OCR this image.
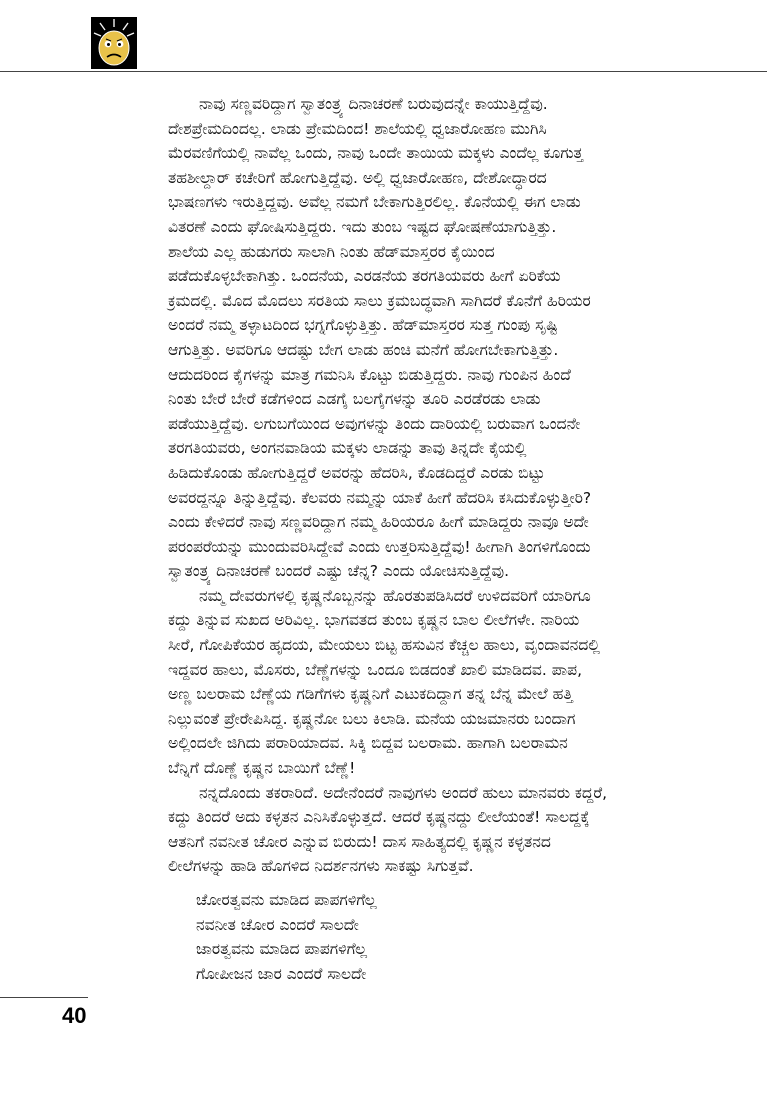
  ನಾವು ಸಣ್ಣವರಿದ್ದಾಗ ಸ್ವಾತಂತ್ರ್ಯ ದಿನಾಚರಣೆ ಬರುವುದನ್ನೇ ಕಾಯುತ್ತಿದ್ದೆವು.
ದೇಶಪ್ರೇಮದಿಂದಲ್ಲ. ಲಾಡು ಪ್ರೇಮದಿಂದ! ಶಾಲೆಯಲ್ಲಿ ಧ್ವಜಾರೋಹಣ ಮುಗಿಸಿ
ಮೆರವಣಿಗೆಯಲ್ಲಿ ನಾವೆಲ್ಲ ಒಂದು, ನಾವು ಒಂದೇ ತಾಯಿಯ ಮಕ್ಕಳು ಎಂದೆಲ್ಲ ಕೂಗುತ್ತ
ತಹಶೀಲ್ದಾರ್ ಕಚೇರಿಗೆ ಹೋಗುತ್ತಿದ್ದೆವು. ಅಲ್ಲಿ ಧ್ವಜಾರೋಹಣ, ದೇಶೋದ್ಧಾರದ
ಭಾಷಣಗಳು ಇರುತ್ತಿದ್ದವು. ಅವೆಲ್ಲ ನಮಗೆ ಬೇಕಾಗುತ್ತಿರಲಿಲ್ಲ. ಕೊನೆಯಲ್ಲಿ ಈಗ ಲಾಡು
ವಿತರಣೆ ಎಂದು ಘೋಷಿಸುತ್ತಿದ್ದರು. ಇದು ತುಂಬ ಇಷ್ಟದ ಘೋಷಣೆಯಾಗುತ್ತಿತ್ತು.
ಶಾಲೆಯ ಎಲ್ಲ ಹುಡುಗರು ಸಾಲಾಗಿ ನಿಂತು ಹೆಡ್‌ಮಾಸ್ತರರ ಕೈಯಿಂದ
ಪಡೆದುಕೊಳ್ಳಬೇಕಾಗಿತ್ತು. ಒಂದನೆಯ, ಎರಡನೆಯ ತರಗತಿಯವರು ಹೀಗೆ ಏರಿಕೆಯ
ಕ್ರಮದಲ್ಲಿ. ಮೊದ ಮೊದಲು ಸರತಿಯ ಸಾಲು ಕ್ರಮಬದ್ಧವಾಗಿ ಸಾಗಿದರೆ ಕೊನೆಗೆ ಹಿರಿಯರ
ಅಂದರೆ ನಮ್ಮ ತಳ್ಳಾಟದಿಂದ ಭಗ್ನಗೊಳ್ಳುತ್ತಿತ್ತು. ಹೆಡ್‌ಮಾಸ್ತರರ ಸುತ್ತ ಗುಂಪು ಸೃಷ್ಟಿ
ಆಗುತ್ತಿತ್ತು. ಅವರಿಗೂ ಆದಷ್ಟು ಬೇಗ ಲಾಡು ಹಂಚಿ ಮನೆಗೆ ಹೋಗಬೇಕಾಗುತ್ತಿತ್ತು.
ಆದುದರಿಂದ ಕೈಗಳನ್ನು ಮಾತ್ರ ಗಮನಿಸಿ ಕೊಟ್ಟು ಬಿಡುತ್ತಿದ್ದರು. ನಾವು ಗುಂಪಿನ ಹಿಂದೆ
ನಿಂತು ಬೇರೆ ಬೇರೆ ಕಡೆಗಳಿಂದ ಎಡಗೈ ಬಲಗೈಗಳನ್ನು ತೂರಿ ಎರಡೆರಡು ಲಾಡು
ಪಡೆಯುತ್ತಿದ್ದೆವು. ಲಗುಬಗೆಯಿಂದ ಅವುಗಳನ್ನು ತಿಂದು ದಾರಿಯಲ್ಲಿ ಬರುವಾಗ ಒಂದನೇ
ತರಗತಿಯವರು, ಅಂಗನವಾಡಿಯ ಮಕ್ಕಳು ಲಾಡನ್ನು ತಾವು ತಿನ್ನದೇ ಕೈಯಲ್ಲಿ
ಹಿಡಿದುಕೊಂಡು ಹೋಗುತ್ತಿದ್ದರೆ ಅವರನ್ನು ಹೆದರಿಸಿ, ಕೊಡದಿದ್ದರೆ ಎರಡು ಬಿಟ್ಟು
ಅವರದ್ದನ್ನೂ ತಿನ್ನುತ್ತಿದ್ದೆವು. ಕೆಲವರು ನಮ್ಮನ್ನು ಯಾಕೆ ಹೀಗೆ ಹೆದರಿಸಿ ಕಸಿದುಕೊಳ್ಳುತ್ತೀರಿ?
ಎಂದು ಕೇಳಿದರೆ ನಾವು ಸಣ್ಣವರಿದ್ದಾಗ ನಮ್ಮ ಹಿರಿಯರೂ ಹೀಗೆ ಮಾಡಿದ್ದರು ನಾವೂ ಅದೇ
ಪರಂಪರೆಯನ್ನು ಮುಂದುವರಿಸಿದ್ದೇವೆ ಎಂದು ಉತ್ತರಿಸುತ್ತಿದ್ದೆವು! ಹೀಗಾಗಿ ತಿಂಗಳಿಗೊಂದು
ಸ್ವಾತಂತ್ರ್ಯ ದಿನಾಚರಣೆ ಬಂದರೆ ಎಷ್ಟು ಚೆನ್ನ? ಎಂದು ಯೋಚಿಸುತ್ತಿದ್ದೆವು.
  ನಮ್ಮ ದೇವರುಗಳಲ್ಲಿ ಕೃಷ್ಣನೊಬ್ಬನನ್ನು ಹೊರತುಪಡಿಸಿದರೆ ಉಳಿದವರಿಗೆ ಯಾರಿಗೂ
ಕದ್ದು ತಿನ್ನುವ ಸುಖದ ಅರಿವಿಲ್ಲ. ಭಾಗವತದ ತುಂಬ ಕೃಷ್ಣನ ಬಾಲ ಲೀಲೆಗಳೇ. ನಾರಿಯ
ಸೀರೆ, ಗೋಪಿಕೆಯರ ಹೃದಯ, ಮೇಯಲು ಬಿಟ್ಟ ಹಸುವಿನ ಕೆಚ್ಚಲ ಹಾಲು, ವೃಂದಾವನದಲ್ಲಿ
ಇದ್ದವರ ಹಾಲು, ಮೊಸರು, ಬೆಣ್ಣೆಗಳನ್ನು ಒಂದೂ ಬಿಡದಂತೆ ಖಾಲಿ ಮಾಡಿದವ. ಪಾಪ,
ಅಣ್ಣ ಬಲರಾಮ ಬೆಣ್ಣೆಯ ಗಡಿಗೆಗಳು ಕೃಷ್ಣನಿಗೆ ಎಟುಕದಿದ್ದಾಗ ತನ್ನ ಬೆನ್ನ ಮೇಲೆ ಹತ್ತಿ
ನಿಲ್ಲುವಂತೆ ಪ್ರೇರೇಪಿಸಿದ್ದ. ಕೃಷ್ಣನೋ ಬಲು ಕಿಲಾಡಿ. ಮನೆಯ ಯಜಮಾನರು ಬಂದಾಗ
ಅಲ್ಲಿಂದಲೇ ಜಿಗಿದು ಪರಾರಿಯಾದವ. ಸಿಕ್ಕಿ ಬಿದ್ದವ ಬಲರಾಮ. ಹಾಗಾಗಿ ಬಲರಾಮನ
ಬೆನ್ನಿಗೆ ದೊಣ್ಣೆ ಕೃಷ್ಣನ ಬಾಯಿಗೆ ಬೆಣ್ಣೆ!
  ನನ್ನದೊಂದು ತಕರಾರಿದೆ. ಅದೇನೆಂದರೆ ನಾವುಗಳು ಅಂದರೆ ಹುಲು ಮಾನವರು ಕದ್ದರೆ,
ಕದ್ದು ತಿಂದರೆ ಅದು ಕಳ್ಳತನ ಎನಿಸಿಕೊಳ್ಳುತ್ತದೆ. ಆದರೆ ಕೃಷ್ಣನದ್ದು ಲೀಲೆಯಂತೆ! ಸಾಲದ್ದಕ್ಕೆ
ಆತನಿಗೆ ನವನೀತ ಚೋರ ಎನ್ನುವ ಬಿರುದು! ದಾಸ ಸಾಹಿತ್ಯದಲ್ಲಿ ಕೃಷ್ಣನ ಕಳ್ಳತನದ
ಲೀಲೆಗಳನ್ನು ಹಾಡಿ ಹೊಗಳಿದ ನಿದರ್ಶನಗಳು ಸಾಕಷ್ಟು ಸಿಗುತ್ತವೆ.
ಚೋರತ್ವವನು ಮಾಡಿದ ಪಾಪಗಳಿಗೆಲ್ಲ
ನವನೀತ ಚೋರ ಎಂದರೆ ಸಾಲದೇ
ಜಾರತ್ವವನು ಮಾಡಿದ ಪಾಪಗಳಿಗೆಲ್ಲ
ಗೋಪೀಜನ ಜಾರ ಎಂದರೆ ಸಾಲದೇ
40
